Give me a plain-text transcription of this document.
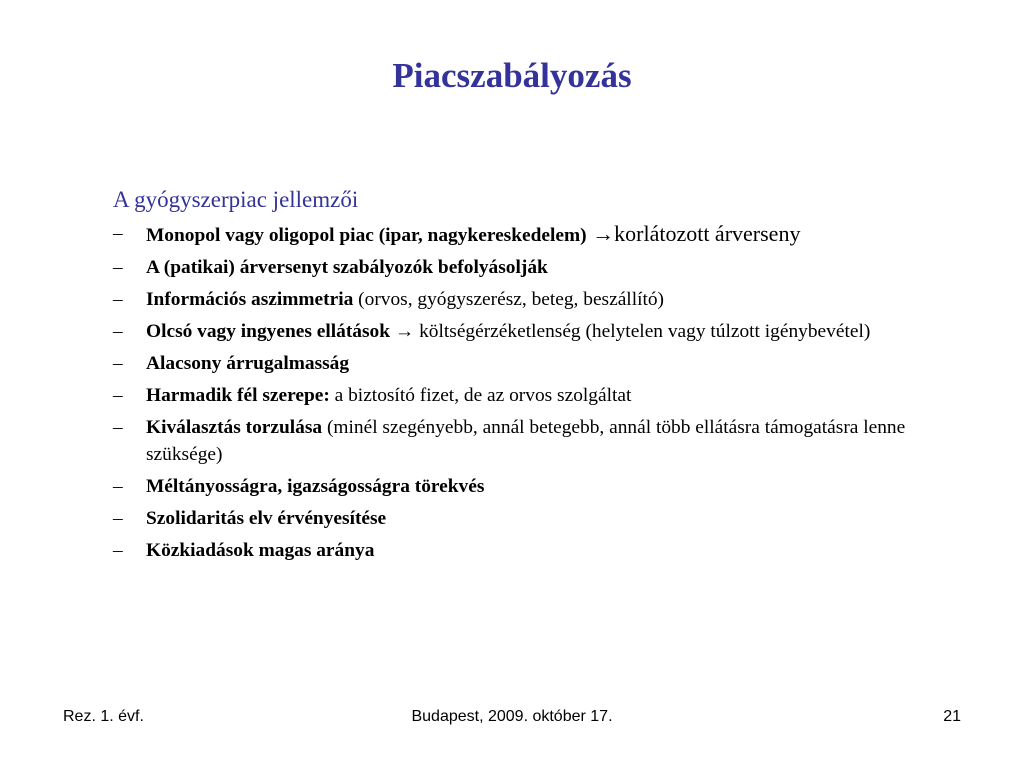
Piacszabályozás
A gyógyszerpiac jellemzői
–	Monopol vagy oligopol piac (ipar, nagykereskedelem) →korlátozott árverseny
–	A (patikai) árversenyt szabályozók befolyásolják
–	Információs aszimmetria (orvos, gyógyszerész, beteg, beszállító)
–	Olcsó vagy ingyenes ellátások → költségérzéketlenség (helytelen vagy túlzott igénybevétel)
–	Alacsony árrugalmasság
–	Harmadik fél szerepe: a biztosító fizet, de az orvos szolgáltat
–	Kiválasztás torzulása (minél szegényebb, annál betegebb, annál több ellátásra támogatásra lenne szüksége)
–	Méltányosságra, igazságosságra törekvés
–	Szolidaritás elv érvényesítése
–	Közkiadások magas aránya
Rez. 1. évf.	Budapest, 2009. október 17.	21
